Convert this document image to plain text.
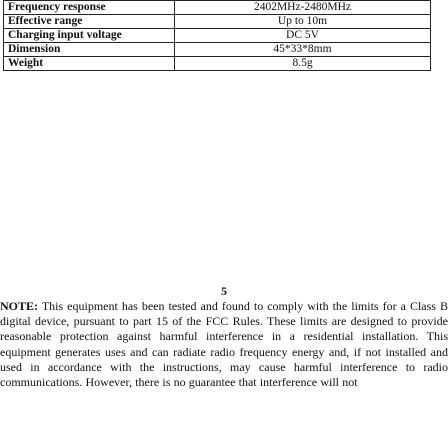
Frequency response	2402MHz-2480MHz
Effective range	Up to 10m
Charging input voltage	DC 5V
Dimension	45*33*8mm
Weight	8.5g
5

NOTE: This equipment has been tested and found to comply with the limits for a Class B digital device, pursuant to part 15 of the FCC Rules. These limits are designed to provide reasonable protection against harmful interference in a residential installation. This equipment generates uses and can radiate radio frequency energy and, if not installed and used in accordance with the instructions, may cause harmful interference to radio communications. However, there is no guarantee that interference will not
